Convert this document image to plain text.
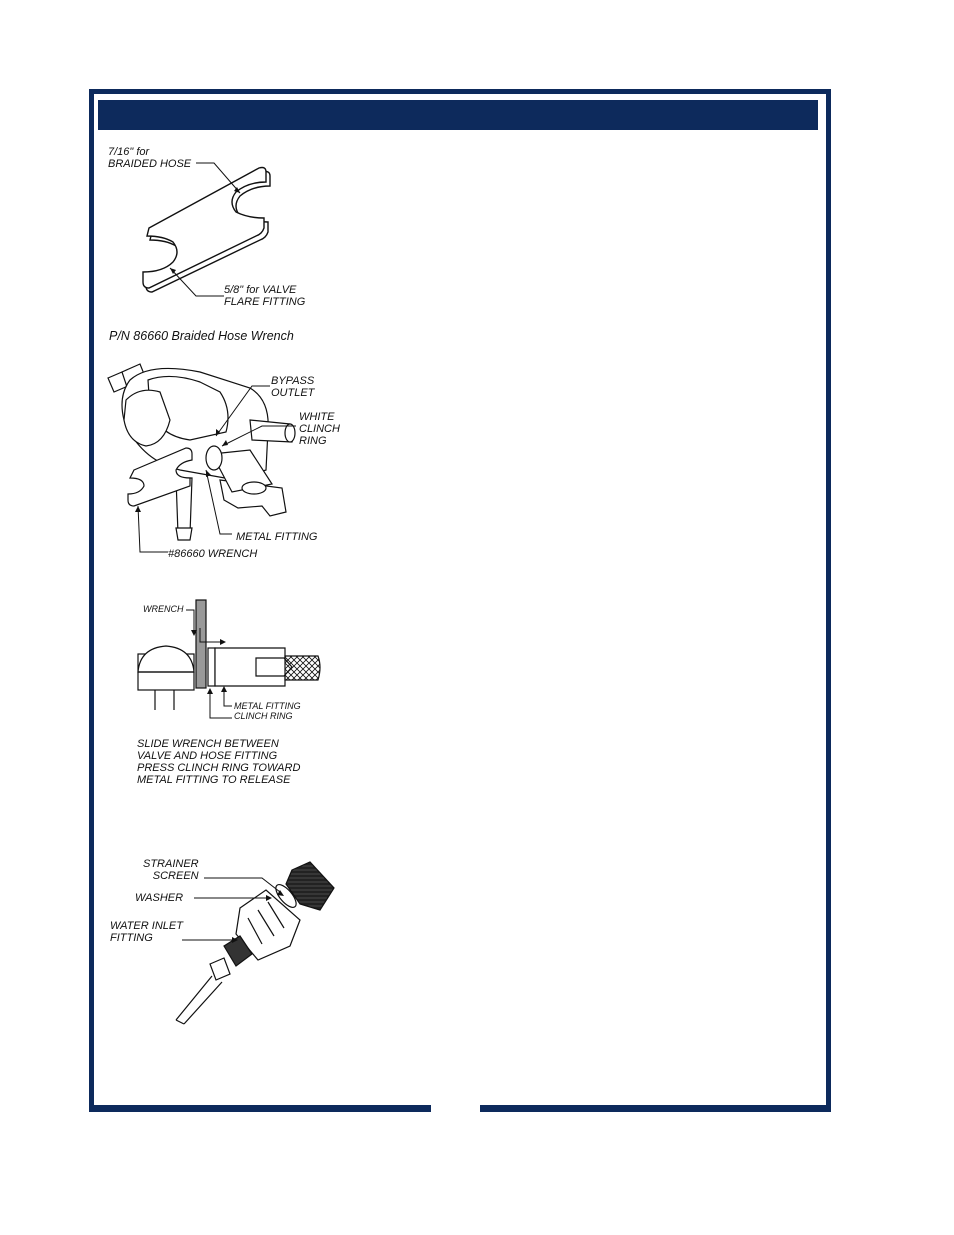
7/16" for
BRAIDED HOSE
5/8" for VALVE
FLARE FITTING
P/N 86660 Braided Hose Wrench
BYPASS
OUTLET
WHITE
CLINCH
RING
METAL FITTING
#86660 WRENCH
WRENCH
METAL FITTING
CLINCH RING
SLIDE WRENCH BETWEEN
VALVE AND HOSE FITTING
PRESS CLINCH RING TOWARD
METAL FITTING TO RELEASE
STRAINER
SCREEN
WASHER
WATER INLET
FITTING
